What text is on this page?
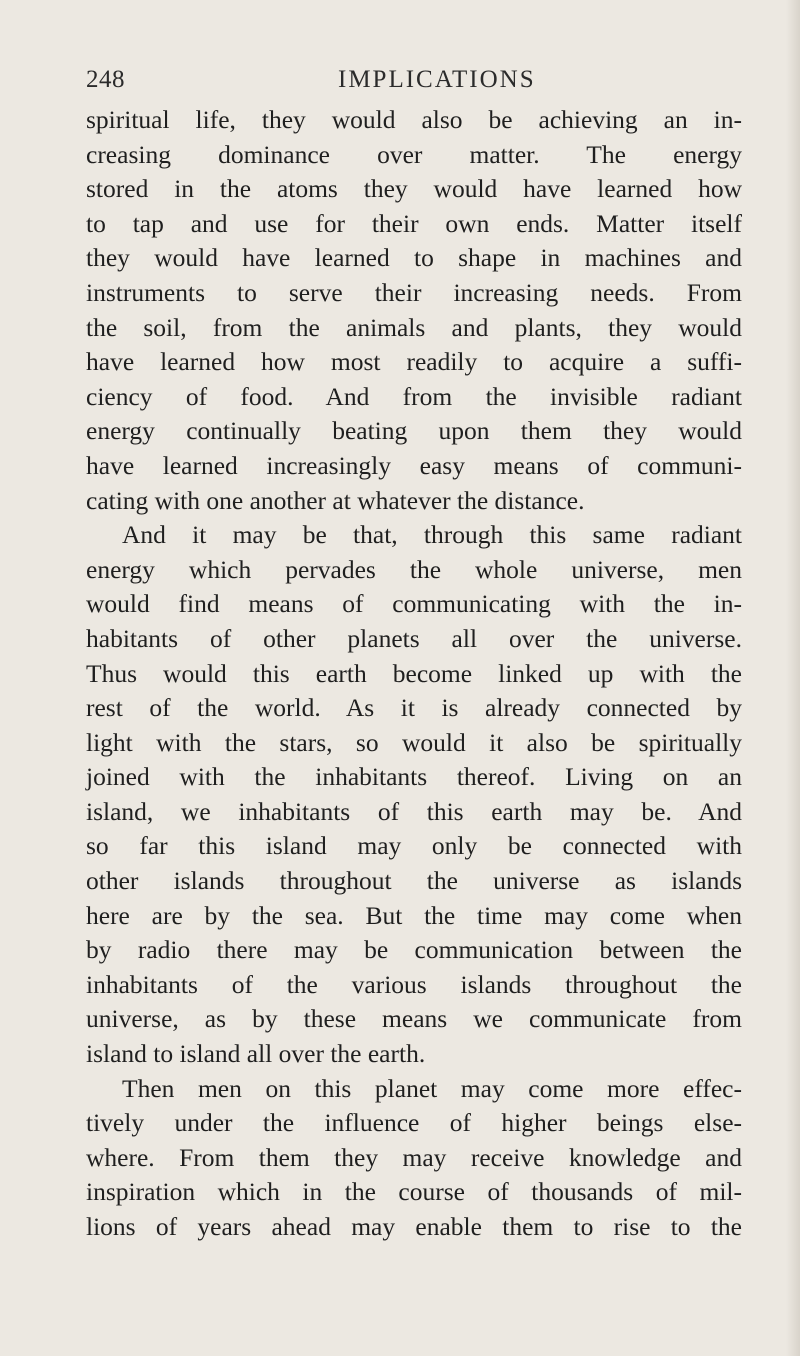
248	IMPLICATIONS
spiritual life, they would also be achieving an in-
creasing dominance over matter. The energy
stored in the atoms they would have learned how
to tap and use for their own ends. Matter itself
they would have learned to shape in machines and
instruments to serve their increasing needs. From
the soil, from the animals and plants, they would
have learned how most readily to acquire a suffi-
ciency of food. And from the invisible radiant
energy continually beating upon them they would
have learned increasingly easy means of communi-
cating with one another at whatever the distance.
And it may be that, through this same radiant
energy which pervades the whole universe, men
would find means of communicating with the in-
habitants of other planets all over the universe.
Thus would this earth become linked up with the
rest of the world. As it is already connected by
light with the stars, so would it also be spiritually
joined with the inhabitants thereof. Living on an
island, we inhabitants of this earth may be. And
so far this island may only be connected with
other islands throughout the universe as islands
here are by the sea. But the time may come when
by radio there may be communication between the
inhabitants of the various islands throughout the
universe, as by these means we communicate from
island to island all over the earth.
Then men on this planet may come more effec-
tively under the influence of higher beings else-
where. From them they may receive knowledge and
inspiration which in the course of thousands of mil-
lions of years ahead may enable them to rise to the
